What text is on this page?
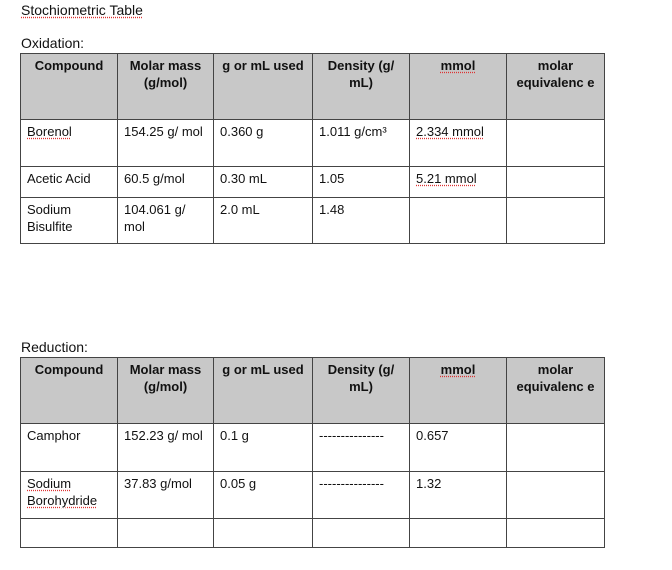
Stochiometric Table
Oxidation:
Compound	Molar mass (g/mol)	g or mL used	Density (g/ mL)	mmol	molar equivalenc e
Borenol	154.25 g/ mol	0.360 g	1.011 g/cm³	2.334 mmol	
Acetic Acid	60.5 g/mol	0.30 mL	1.05	5.21 mmol	
Sodium Bisulfite	104.061 g/ mol	2.0 mL	1.48		
Reduction:
Compound	Molar mass (g/mol)	g or mL used	Density (g/ mL)	mmol	molar equivalenc e
Camphor	152.23 g/ mol	0.1 g	---------------	0.657	
Sodium Borohydride	37.83 g/mol	0.05 g	---------------	1.32	
